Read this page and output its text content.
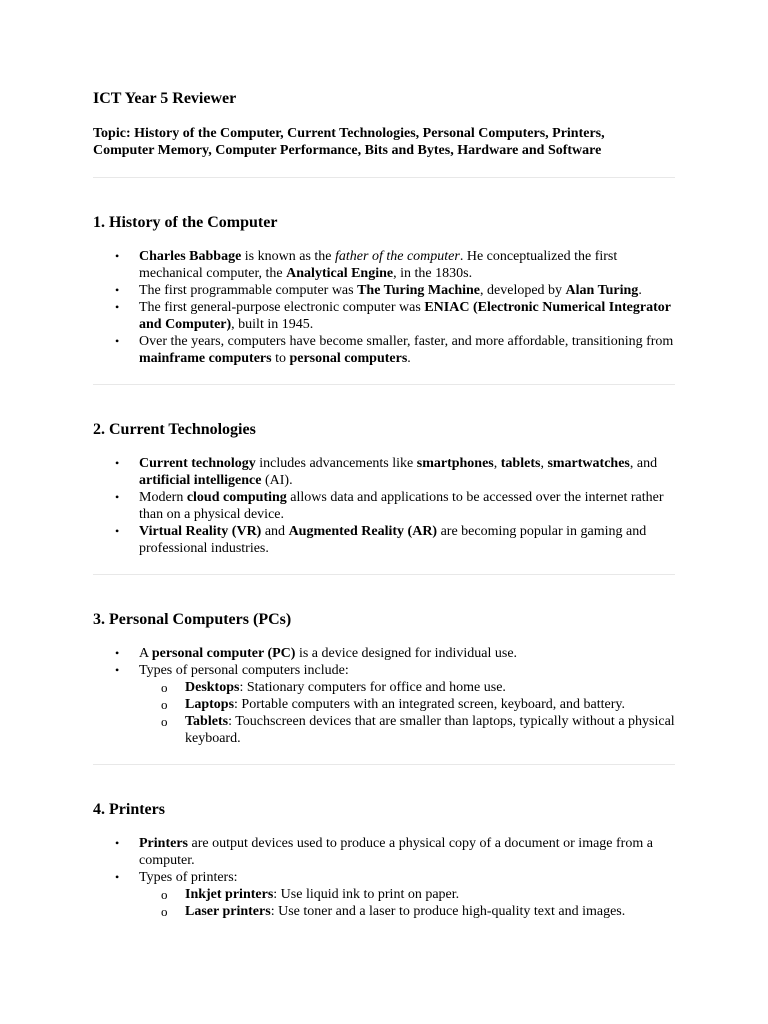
ICT Year 5 Reviewer
Topic: History of the Computer, Current Technologies, Personal Computers, Printers,
Computer Memory, Computer Performance, Bits and Bytes, Hardware and Software
1. History of the Computer
• Charles Babbage is known as the father of the computer. He conceptualized the first mechanical computer, the Analytical Engine, in the 1830s.
• The first programmable computer was The Turing Machine, developed by Alan Turing.
• The first general-purpose electronic computer was ENIAC (Electronic Numerical Integrator and Computer), built in 1945.
• Over the years, computers have become smaller, faster, and more affordable, transitioning from mainframe computers to personal computers.
2. Current Technologies
• Current technology includes advancements like smartphones, tablets, smartwatches, and artificial intelligence (AI).
• Modern cloud computing allows data and applications to be accessed over the internet rather than on a physical device.
• Virtual Reality (VR) and Augmented Reality (AR) are becoming popular in gaming and professional industries.
3. Personal Computers (PCs)
• A personal computer (PC) is a device designed for individual use.
• Types of personal computers include:
o Desktops: Stationary computers for office and home use.
o Laptops: Portable computers with an integrated screen, keyboard, and battery.
o Tablets: Touchscreen devices that are smaller than laptops, typically without a physical keyboard.
4. Printers
• Printers are output devices used to produce a physical copy of a document or image from a computer.
• Types of printers:
o Inkjet printers: Use liquid ink to print on paper.
o Laser printers: Use toner and a laser to produce high-quality text and images.
